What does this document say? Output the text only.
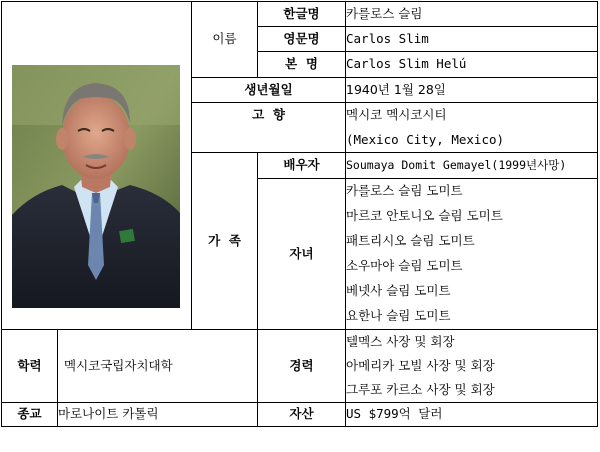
	이름	한글명	카를로스 슬림
			영문명	Carlos Slim
			본  명	Carlos Slim Helú
		생년월일		1940년 1월 28일
		고  향		멕시코 멕시코시티
				(Mexico City, Mexico)
		가  족	배우자	Soumaya Domit Gemayel(1999년사망)
			자녀	카를로스 슬림 도미트
				마르코 안토니오 슬림 도미트
				패트리시오 슬림 도미트
				소우마야 슬림 도미트
				베넷사 슬림 도미트
				요한나 슬림 도미트
학력	멕시코국립자치대학		경력	텔멕스 사장 및 회장
				아메리카 모빌 사장 및 회장
				그루포 카르소 사장 및 회장
종교	마로나이트 카톨릭		자산	US $799억 달러
